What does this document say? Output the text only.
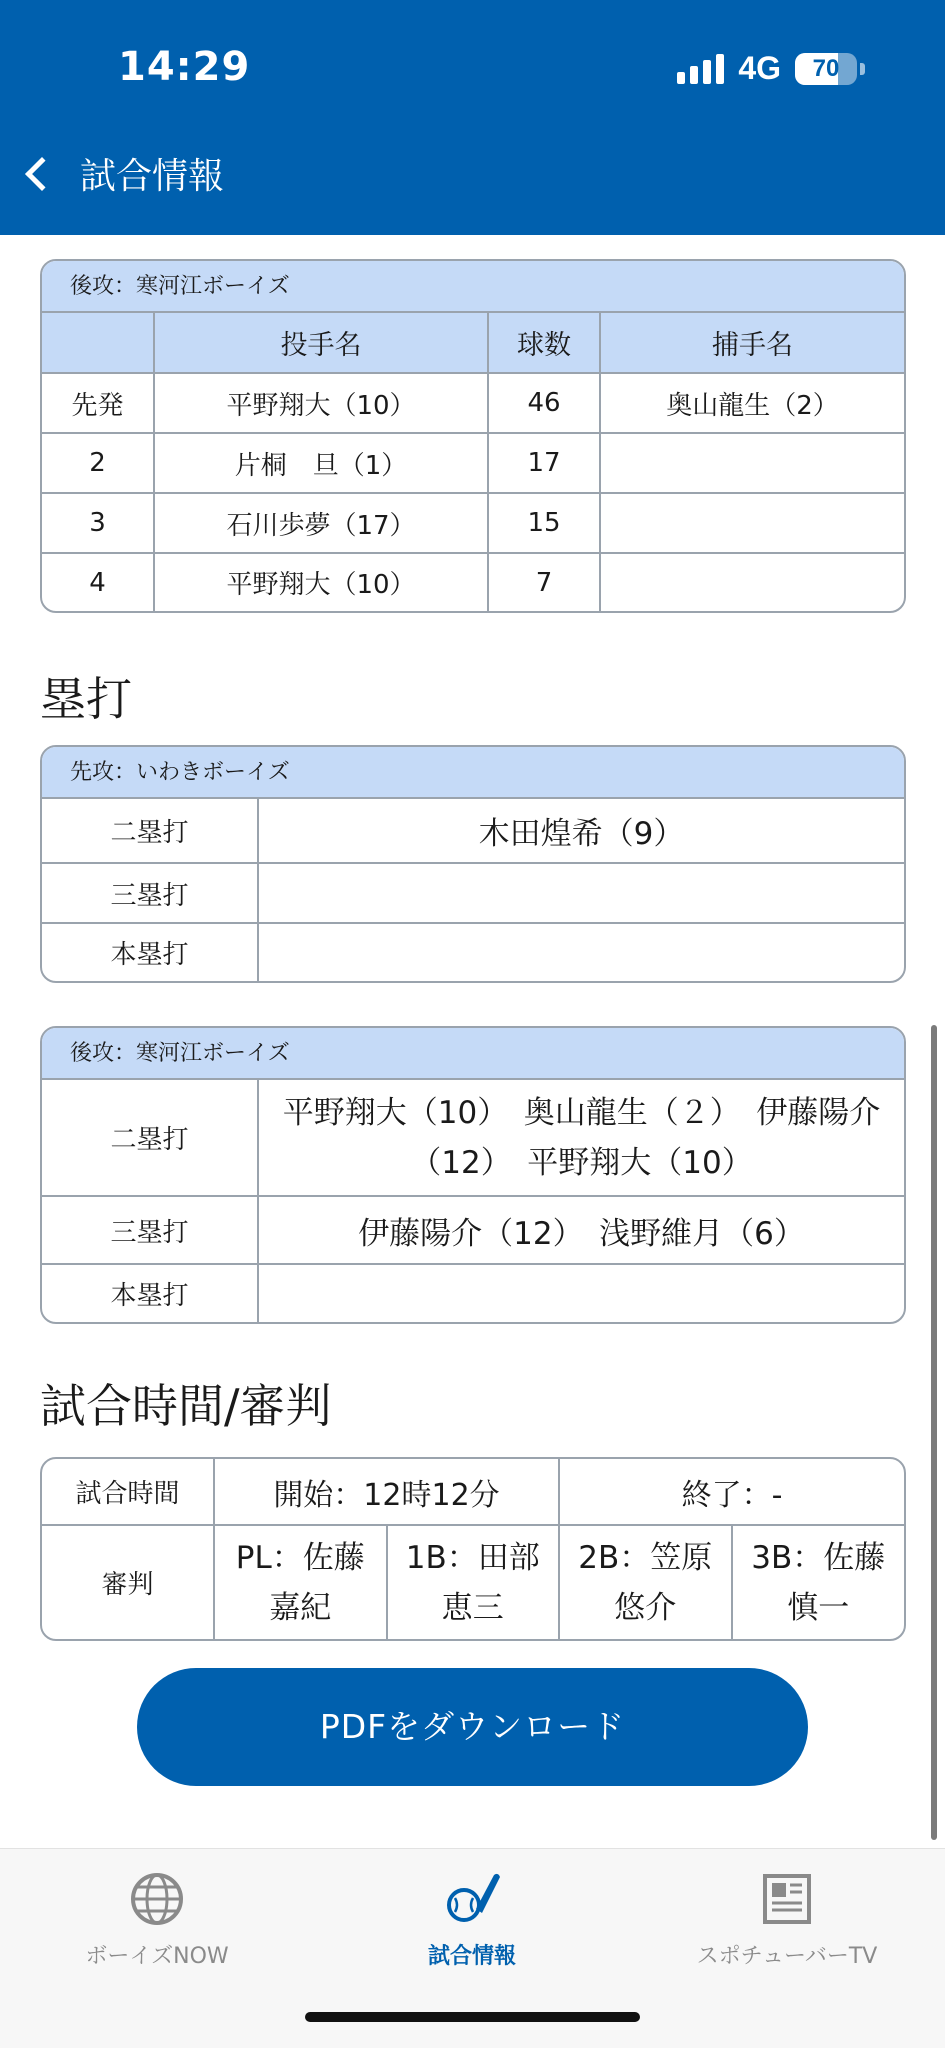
14:29	4G	70
試合情報
後攻：寒河江ボーイズ
	投手名	球数	捕手名
先発	平野翔大（10）	46	奥山龍生（2）
2	片桐　旦（1）	17	
3	石川歩夢（17）	15	
4	平野翔大（10）	7	
塁打
先攻：いわきボーイズ
二塁打	木田煌希（9）
三塁打	
本塁打	
後攻：寒河江ボーイズ
二塁打	平野翔大（10）　奥山龍生（２）　伊藤陽介（12）　平野翔大（10）
三塁打	伊藤陽介（12）　浅野維月（6）
本塁打	
試合時間/審判
試合時間	開始：12時12分		終了：-	
審判	PL：佐藤嘉紀	1B：田部恵三	2B：笠原悠介	3B：佐藤慎一
PDFをダウンロード
ボーイズNOW	試合情報	スポチューバーTV
